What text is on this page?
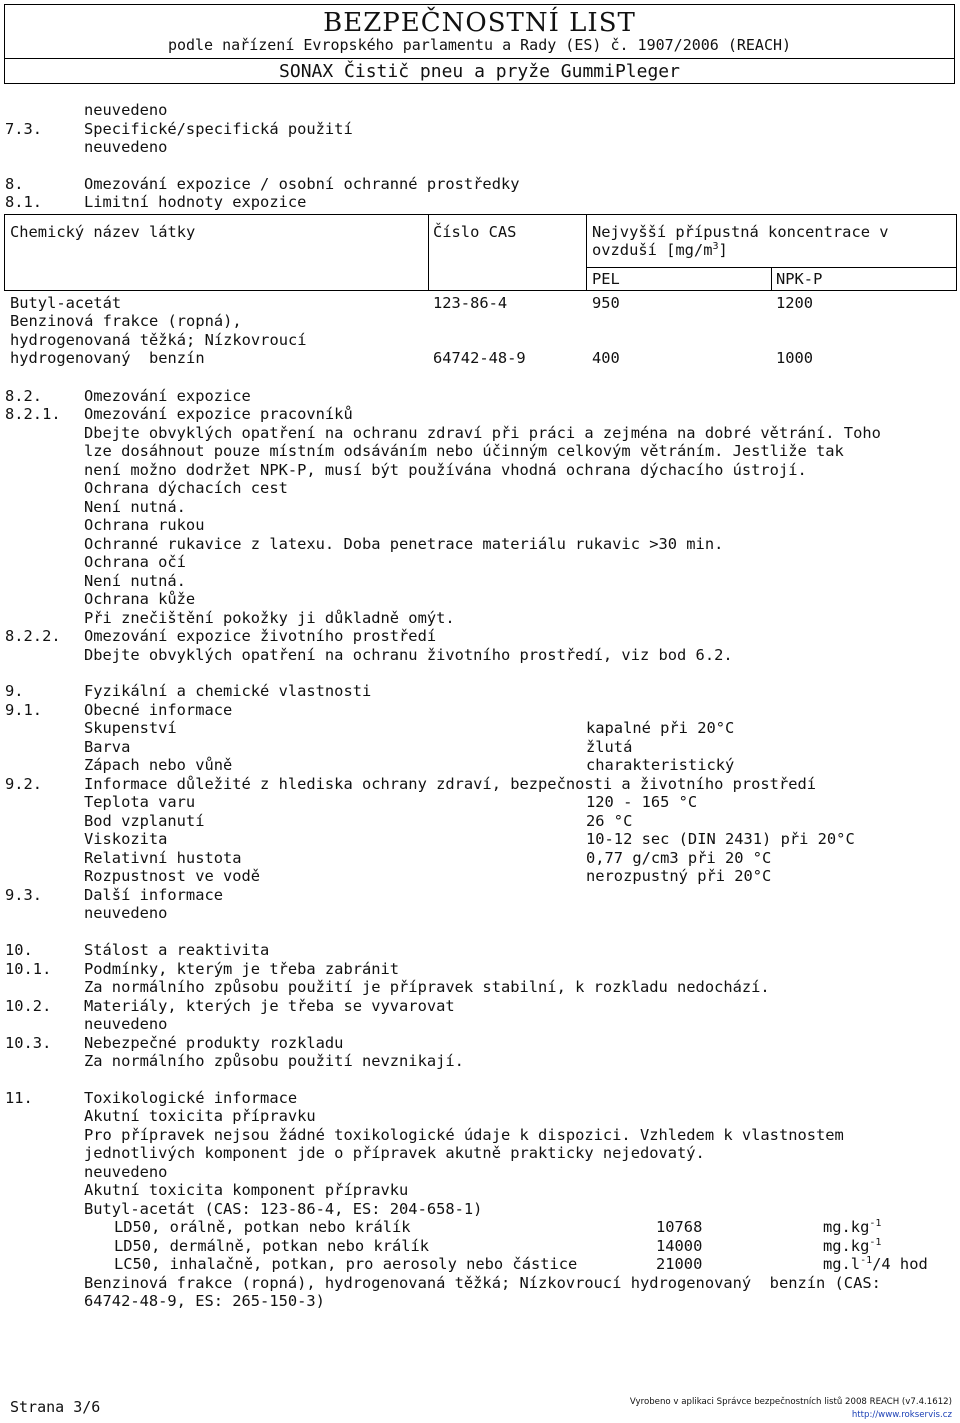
BEZPEČNOSTNÍ LIST
podle nařízení Evropského parlamentu a Rady (ES) č. 1907/2006 (REACH)
SONAX Čistič pneu a pryže GummiPleger
neuvedeno
7.3.	Specifické/specifická použití
neuvedeno
8.	Omezování expozice / osobní ochranné prostředky
8.1.	Limitní hodnoty expozice
Chemický název látky	Číslo CAS	Nejvyšší přípustná koncentrace v
ovzduší $[mg/m^3]$
PEL	NPK-P
Butyl-acetát	123-86-4	950	1200
Benzinová frakce (ropná),
hydrogenovaná těžká; Nízkovroucí
hydrogenovaný  benzín	64742-48-9	400	1000
8.2.	Omezování expozice
8.2.1. Omezování expozice pracovníků
Dbejte obvyklých opatření na ochranu zdraví při práci a zejména na dobré větrání. Toho
lze dosáhnout pouze místním odsáváním nebo účinným celkovým větráním. Jestliže tak
není možno dodržet NPK-P, musí být používána vhodná ochrana dýchacího ústrojí.
Ochrana dýchacích cest
Není nutná.
Ochrana rukou
Ochranné rukavice z latexu. Doba penetrace materiálu rukavic >30 min.
Ochrana očí
Není nutná.
Ochrana kůže
Při znečištění pokožky ji důkladně omýt.
8.2.2. Omezování expozice životního prostředí
Dbejte obvyklých opatření na ochranu životního prostředí, viz bod 6.2.
9.	Fyzikální a chemické vlastnosti
9.1.	Obecné informace
Skupenství	kapalné při 20°C
Barva	žlutá
Zápach nebo vůně	charakteristický
9.2.	Informace důležité z hlediska ochrany zdraví, bezpečnosti a životního prostředí
Teplota varu	120 - 165 °C
Bod vzplanutí	26 °C
Viskozita	10-12 sec (DIN 2431) při 20°C
Relativní hustota	0,77 g/cm3 při 20 °C
Rozpustnost ve vodě	nerozpustný při 20°C
9.3.	Další informace
neuvedeno
10.	Stálost a reaktivita
10.1. Podmínky, kterým je třeba zabránit
Za normálního způsobu použití je přípravek stabilní, k rozkladu nedochází.
10.2. Materiály, kterých je třeba se vyvarovat
neuvedeno
10.3. Nebezpečné produkty rozkladu
Za normálního způsobu použití nevznikají.
11.	Toxikologické informace
Akutní toxicita přípravku
Pro přípravek nejsou žádné toxikologické údaje k dispozici. Vzhledem k vlastnostem
jednotlivých komponent jde o přípravek akutně prakticky nejedovatý.
neuvedeno
Akutní toxicita komponent přípravku
Butyl-acetát (CAS: 123-86-4, ES: 204-658-1)
LD50, orálně, potkan nebo králík	10768	$mg.kg^{-1}$
LD50, dermálně, potkan nebo králík	14000	$mg.kg^{-1}$
LC50, inhalačně, potkan, pro aerosoly nebo částice	21000	$mg.l^{-1}/4$ hod
Benzinová frakce (ropná), hydrogenovaná těžká; Nízkovroucí hydrogenovaný  benzín (CAS:
64742-48-9, ES: 265-150-3)
Strana 3/6	Vyrobeno v aplikaci Správce bezpečnostních listů 2008 REACH (v7.4.1612)
http://www.rokservis.cz
